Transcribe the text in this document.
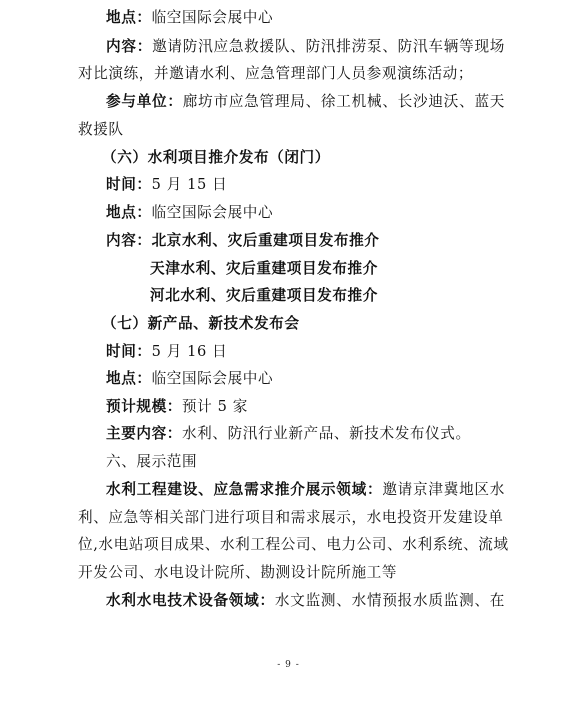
地点：临空国际会展中心
内容：邀请防汛应急救援队、防汛排涝泵、防汛车辆等现场
对比演练，并邀请水利、应急管理部门人员参观演练活动；
参与单位：廊坊市应急管理局、徐工机械、长沙迪沃、蓝天
救援队
（六）水利项目推介发布（闭门）
时间：5 月 15 日
地点：临空国际会展中心
内容：北京水利、灾后重建项目发布推介
天津水利、灾后重建项目发布推介
河北水利、灾后重建项目发布推介
（七）新产品、新技术发布会
时间：5 月 16 日
地点：临空国际会展中心
预计规模：预计 5 家
主要内容：水利、防汛行业新产品、新技术发布仪式。
六、展示范围
水利工程建设、应急需求推介展示领域：邀请京津冀地区水
利、应急等相关部门进行项目和需求展示，水电投资开发建设单
位,水电站项目成果、水利工程公司、电力公司、水利系统、流域
开发公司、水电设计院所、勘测设计院所施工等
水利水电技术设备领域：水文监测、水情预报水质监测、在
- 9 -
